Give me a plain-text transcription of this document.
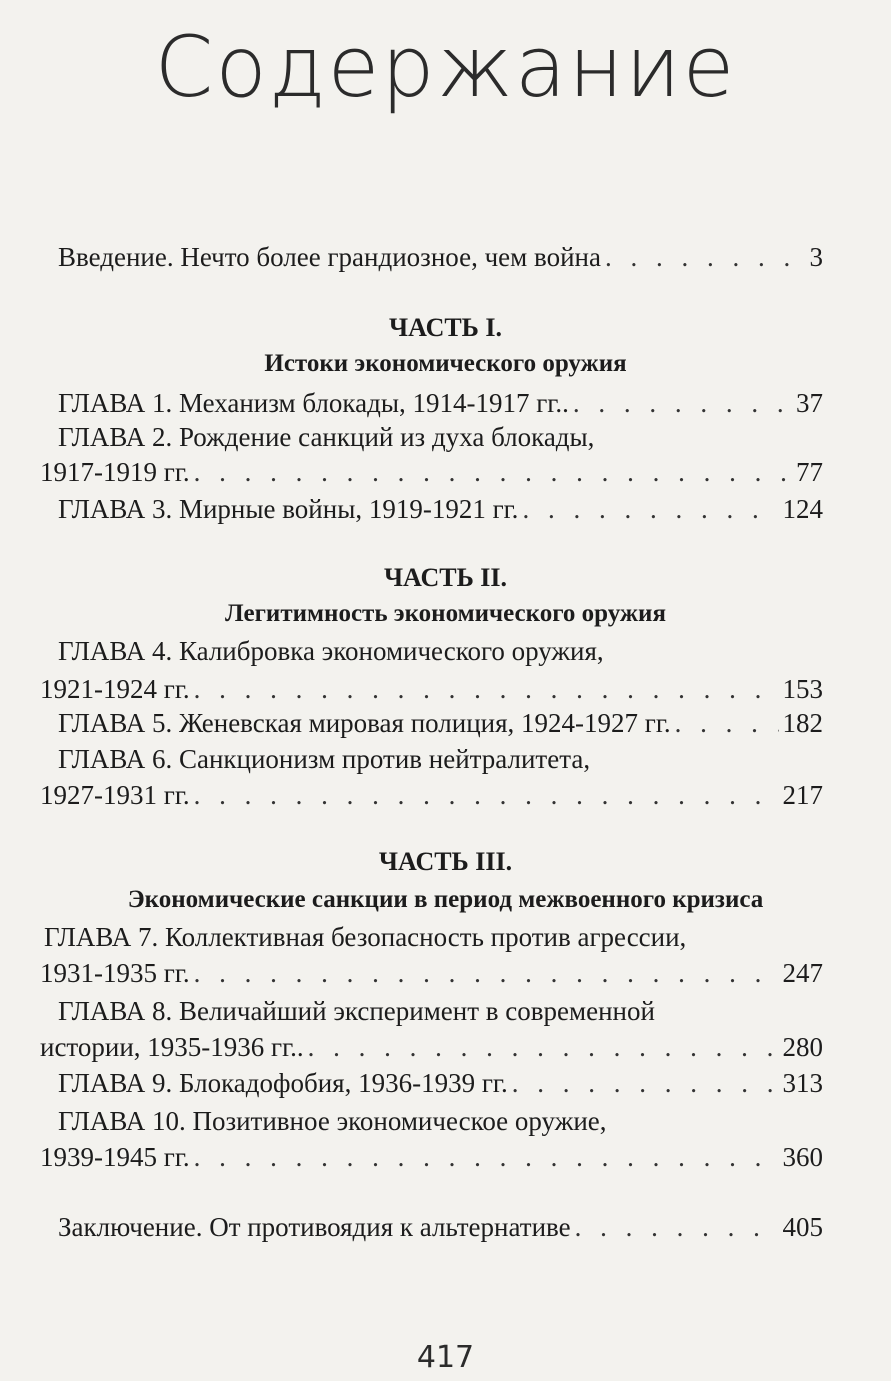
Содержание
Введение. Нечто более грандиозное, чем война . . .	3
ЧАСТЬ I.
Истоки экономического оружия
ГЛАВА 1. Механизм блокады, 1914-1917 гг.. . . .	37
ГЛАВА 2. Рождение санкций из духа блокады,
1917-1919 гг. . . .	77
ГЛАВА 3. Мирные войны, 1919-1921 гг. . . .	124
ЧАСТЬ II.
Легитимность экономического оружия
ГЛАВА 4. Калибровка экономического оружия,
1921-1924 гг. . . .	153
ГЛАВА 5. Женевская мировая полиция, 1924-1927 гг. . . .	182
ГЛАВА 6. Санкционизм против нейтралитета,
1927-1931 гг. . . .	217
ЧАСТЬ III.
Экономические санкции в период межвоенного кризиса
ГЛАВА 7. Коллективная безопасность против агрессии,
1931-1935 гг. . . .	247
ГЛАВА 8. Величайший эксперимент в современной
истории, 1935-1936 гг.. . . .	280
ГЛАВА 9. Блокадофобия, 1936-1939 гг. . . .	313
ГЛАВА 10. Позитивное экономическое оружие,
1939-1945 гг. . . .	360
Заключение. От противоядия к альтернативе . . .	405
417
